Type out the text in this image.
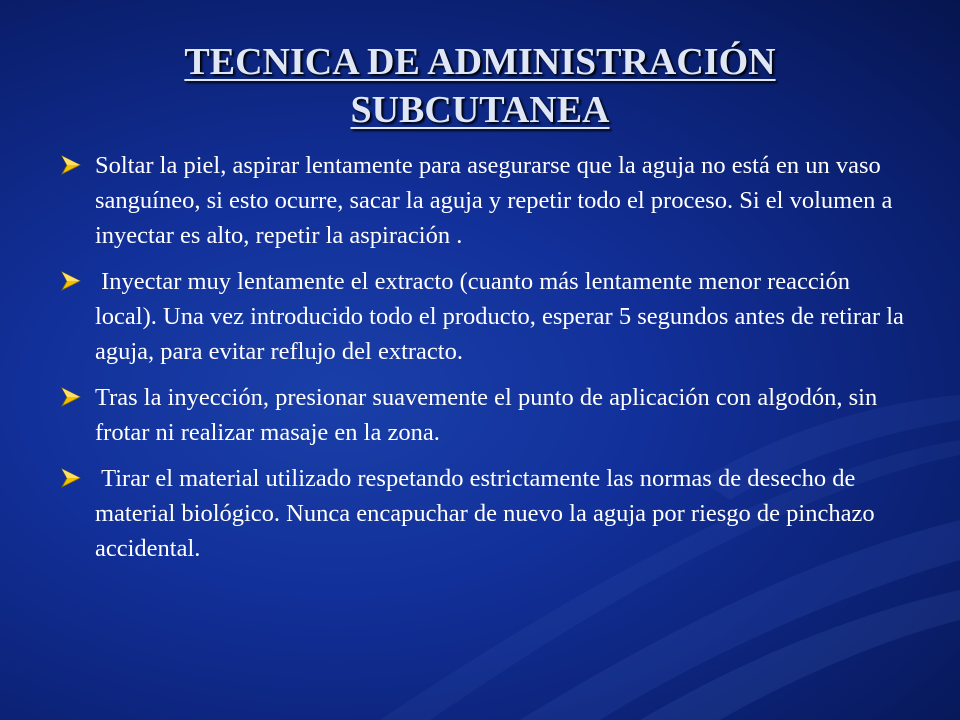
TECNICA DE ADMINISTRACIÓN
SUBCUTANEA
Soltar la piel, aspirar lentamente para asegurarse que la aguja no está en un vaso sanguíneo, si esto ocurre, sacar la aguja y repetir todo el proceso. Si el volumen a inyectar es alto, repetir la aspiración .
Inyectar muy lentamente el extracto (cuanto más lentamente menor reacción local). Una vez introducido todo el producto, esperar 5 segundos antes de retirar la aguja, para evitar reflujo del extracto.
Tras la inyección, presionar suavemente el punto de aplicación con algodón, sin frotar ni realizar masaje en la zona.
Tirar el material utilizado respetando estrictamente las normas de desecho de material biológico. Nunca encapuchar de nuevo la aguja por riesgo de pinchazo accidental.
